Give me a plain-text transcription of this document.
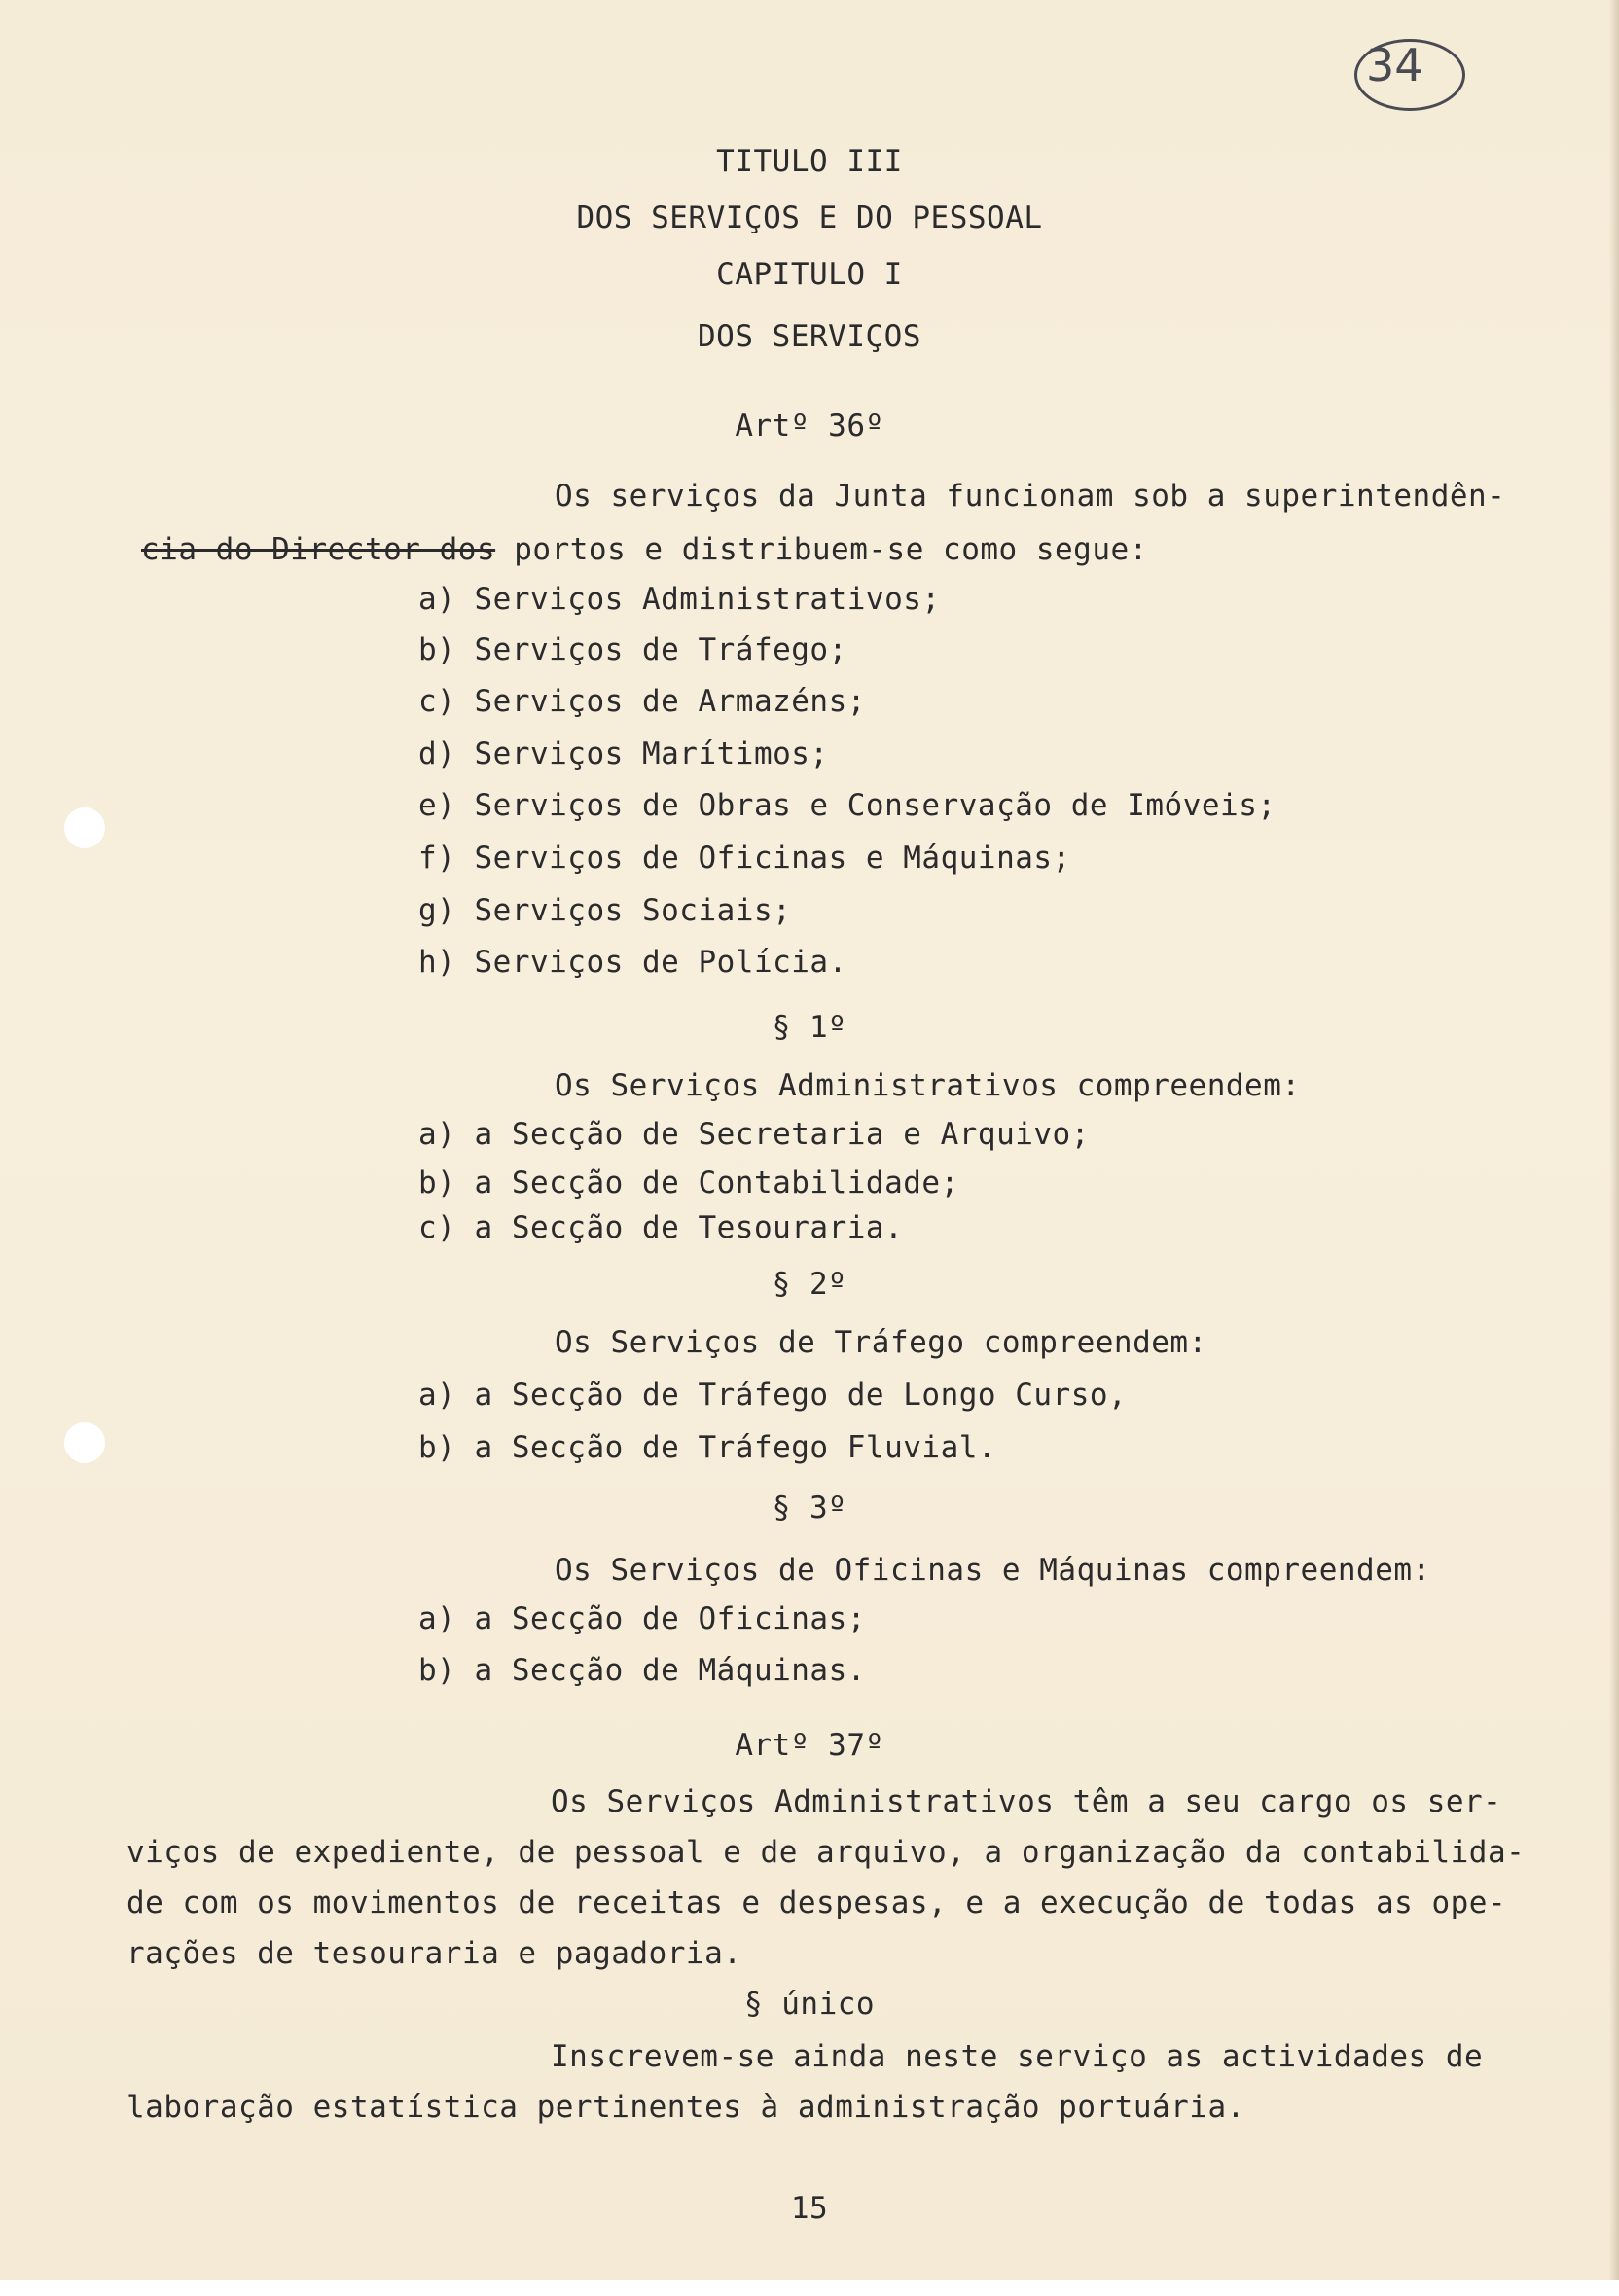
34
TITULO III
DOS SERVIÇOS E DO PESSOAL
CAPITULO I
DOS SERVIÇOS
Artº 36º
Os serviços da Junta funcionam sob a superintendên-
cia do Director dos portos e distribuem-se como segue:
a) Serviços Administrativos;
b) Serviços de Tráfego;
c) Serviços de Armazéns;
d) Serviços Marítimos;
e) Serviços de Obras e Conservação de Imóveis;
f) Serviços de Oficinas e Máquinas;
g) Serviços Sociais;
h) Serviços de Polícia.
§ 1º
Os Serviços Administrativos compreendem:
a) a Secção de Secretaria e Arquivo;
b) a Secção de Contabilidade;
c) a Secção de Tesouraria.
§ 2º
Os Serviços de Tráfego compreendem:
a) a Secção de Tráfego de Longo Curso,
b) a Secção de Tráfego Fluvial.
§ 3º
Os Serviços de Oficinas e Máquinas compreendem:
a) a Secção de Oficinas;
b) a Secção de Máquinas.
Artº 37º
Os Serviços Administrativos têm a seu cargo os ser-
viços de expediente, de pessoal e de arquivo, a organização da contabilida-
de com os movimentos de receitas e despesas, e a execução de todas as ope-
rações de tesouraria e pagadoria.
§ único
Inscrevem-se ainda neste serviço as actividades de
laboração estatística pertinentes à administração portuária.
15
